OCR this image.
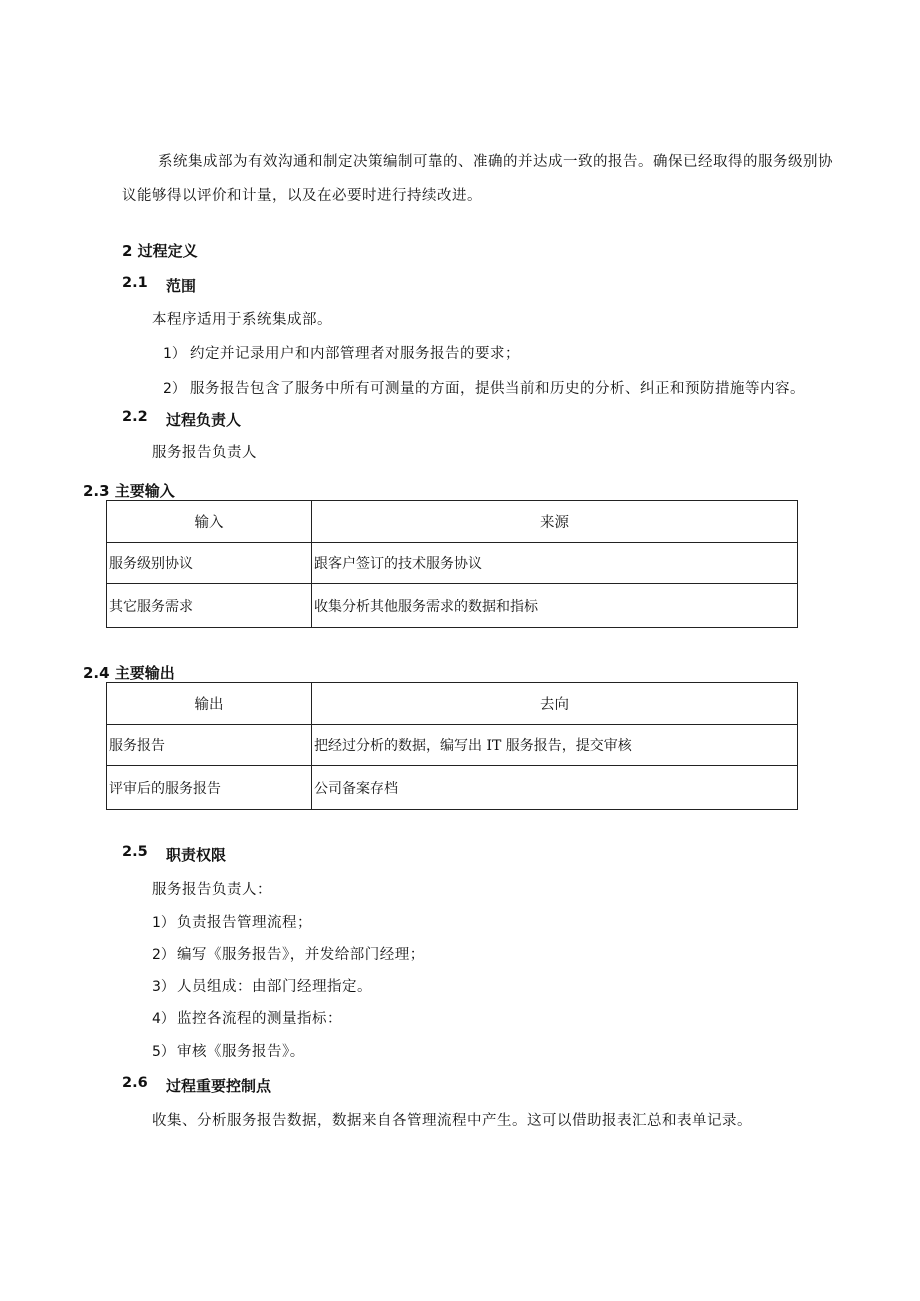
系统集成部为有效沟通和制定决策编制可靠的、准确的并达成一致的报告。确保已经取得的服务级别协
议能够得以评价和计量，以及在必要时进行持续改进。
2 过程定义
2.1 范围
本程序适用于系统集成部。
1） 约定并记录用户和内部管理者对服务报告的要求；
2） 服务报告包含了服务中所有可测量的方面，提供当前和历史的分析、纠正和预防措施等内容。
2.2 过程负责人
服务报告负责人
2.3 主要输入
输入	来源
服务级别协议	跟客户签订的技术服务协议
其它服务需求	收集分析其他服务需求的数据和指标
2.4 主要输出
输出	去向
服务报告	把经过分析的数据，编写出 IT 服务报告，提交审核
评审后的服务报告	公司备案存档
2.5 职责权限
服务报告负责人：
1） 负责报告管理流程；
2） 编写《服务报告》，并发给部门经理；
3） 人员组成：由部门经理指定。
4） 监控各流程的测量指标：
5） 审核《服务报告》。
2.6 过程重要控制点
收集、分析服务报告数据，数据来自各管理流程中产生。这可以借助报表汇总和表单记录。
